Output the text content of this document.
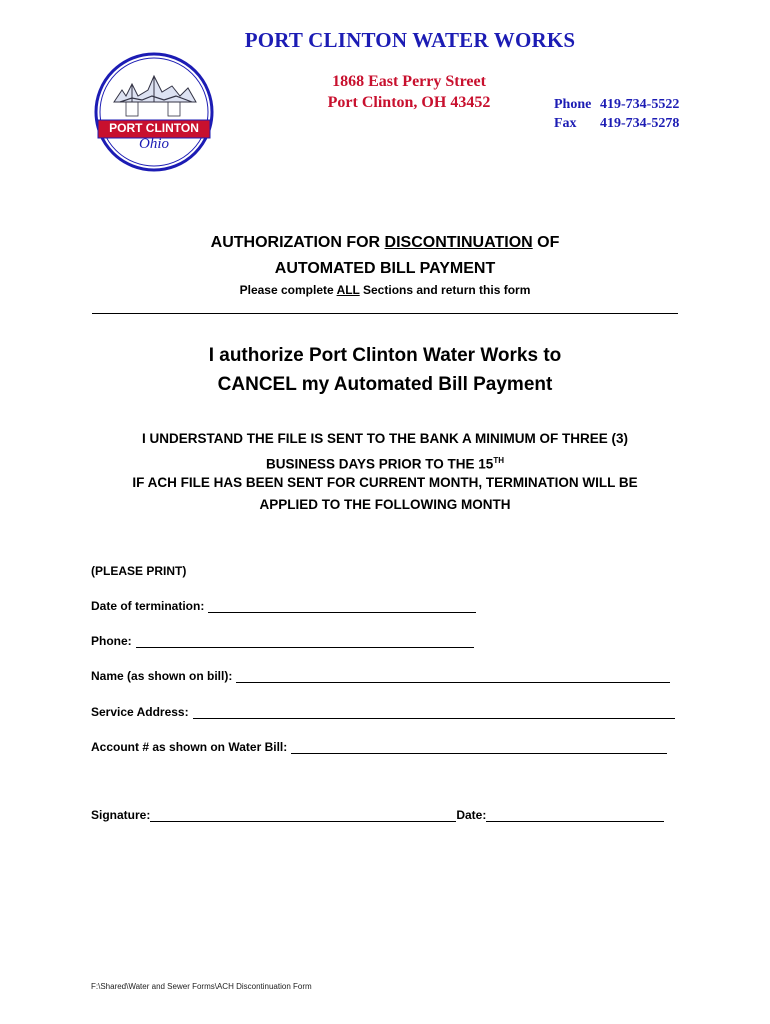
PORT CLINTON WATER WORKS
PORT CLINTON
Ohio
1868 East Perry Street
Port Clinton, OH 43452	Phone 419-734-5522
Fax 419-734-5278
AUTHORIZATION FOR DISCONTINUATION OF
AUTOMATED BILL PAYMENT
Please complete ALL Sections and return this form
I authorize Port Clinton Water Works to
CANCEL my Automated Bill Payment
I UNDERSTAND THE FILE IS SENT TO THE BANK A MINIMUM OF THREE (3)
BUSINESS DAYS PRIOR TO THE 15TH
IF ACH FILE HAS BEEN SENT FOR CURRENT MONTH, TERMINATION WILL BE
APPLIED TO THE FOLLOWING MONTH
(PLEASE PRINT)
Date of termination:
Phone:
Name (as shown on bill):
Service Address:
Account # as shown on Water Bill:
Signature:	Date:
F:\Shared\Water and Sewer Forms\ACH Discontinuation Form
